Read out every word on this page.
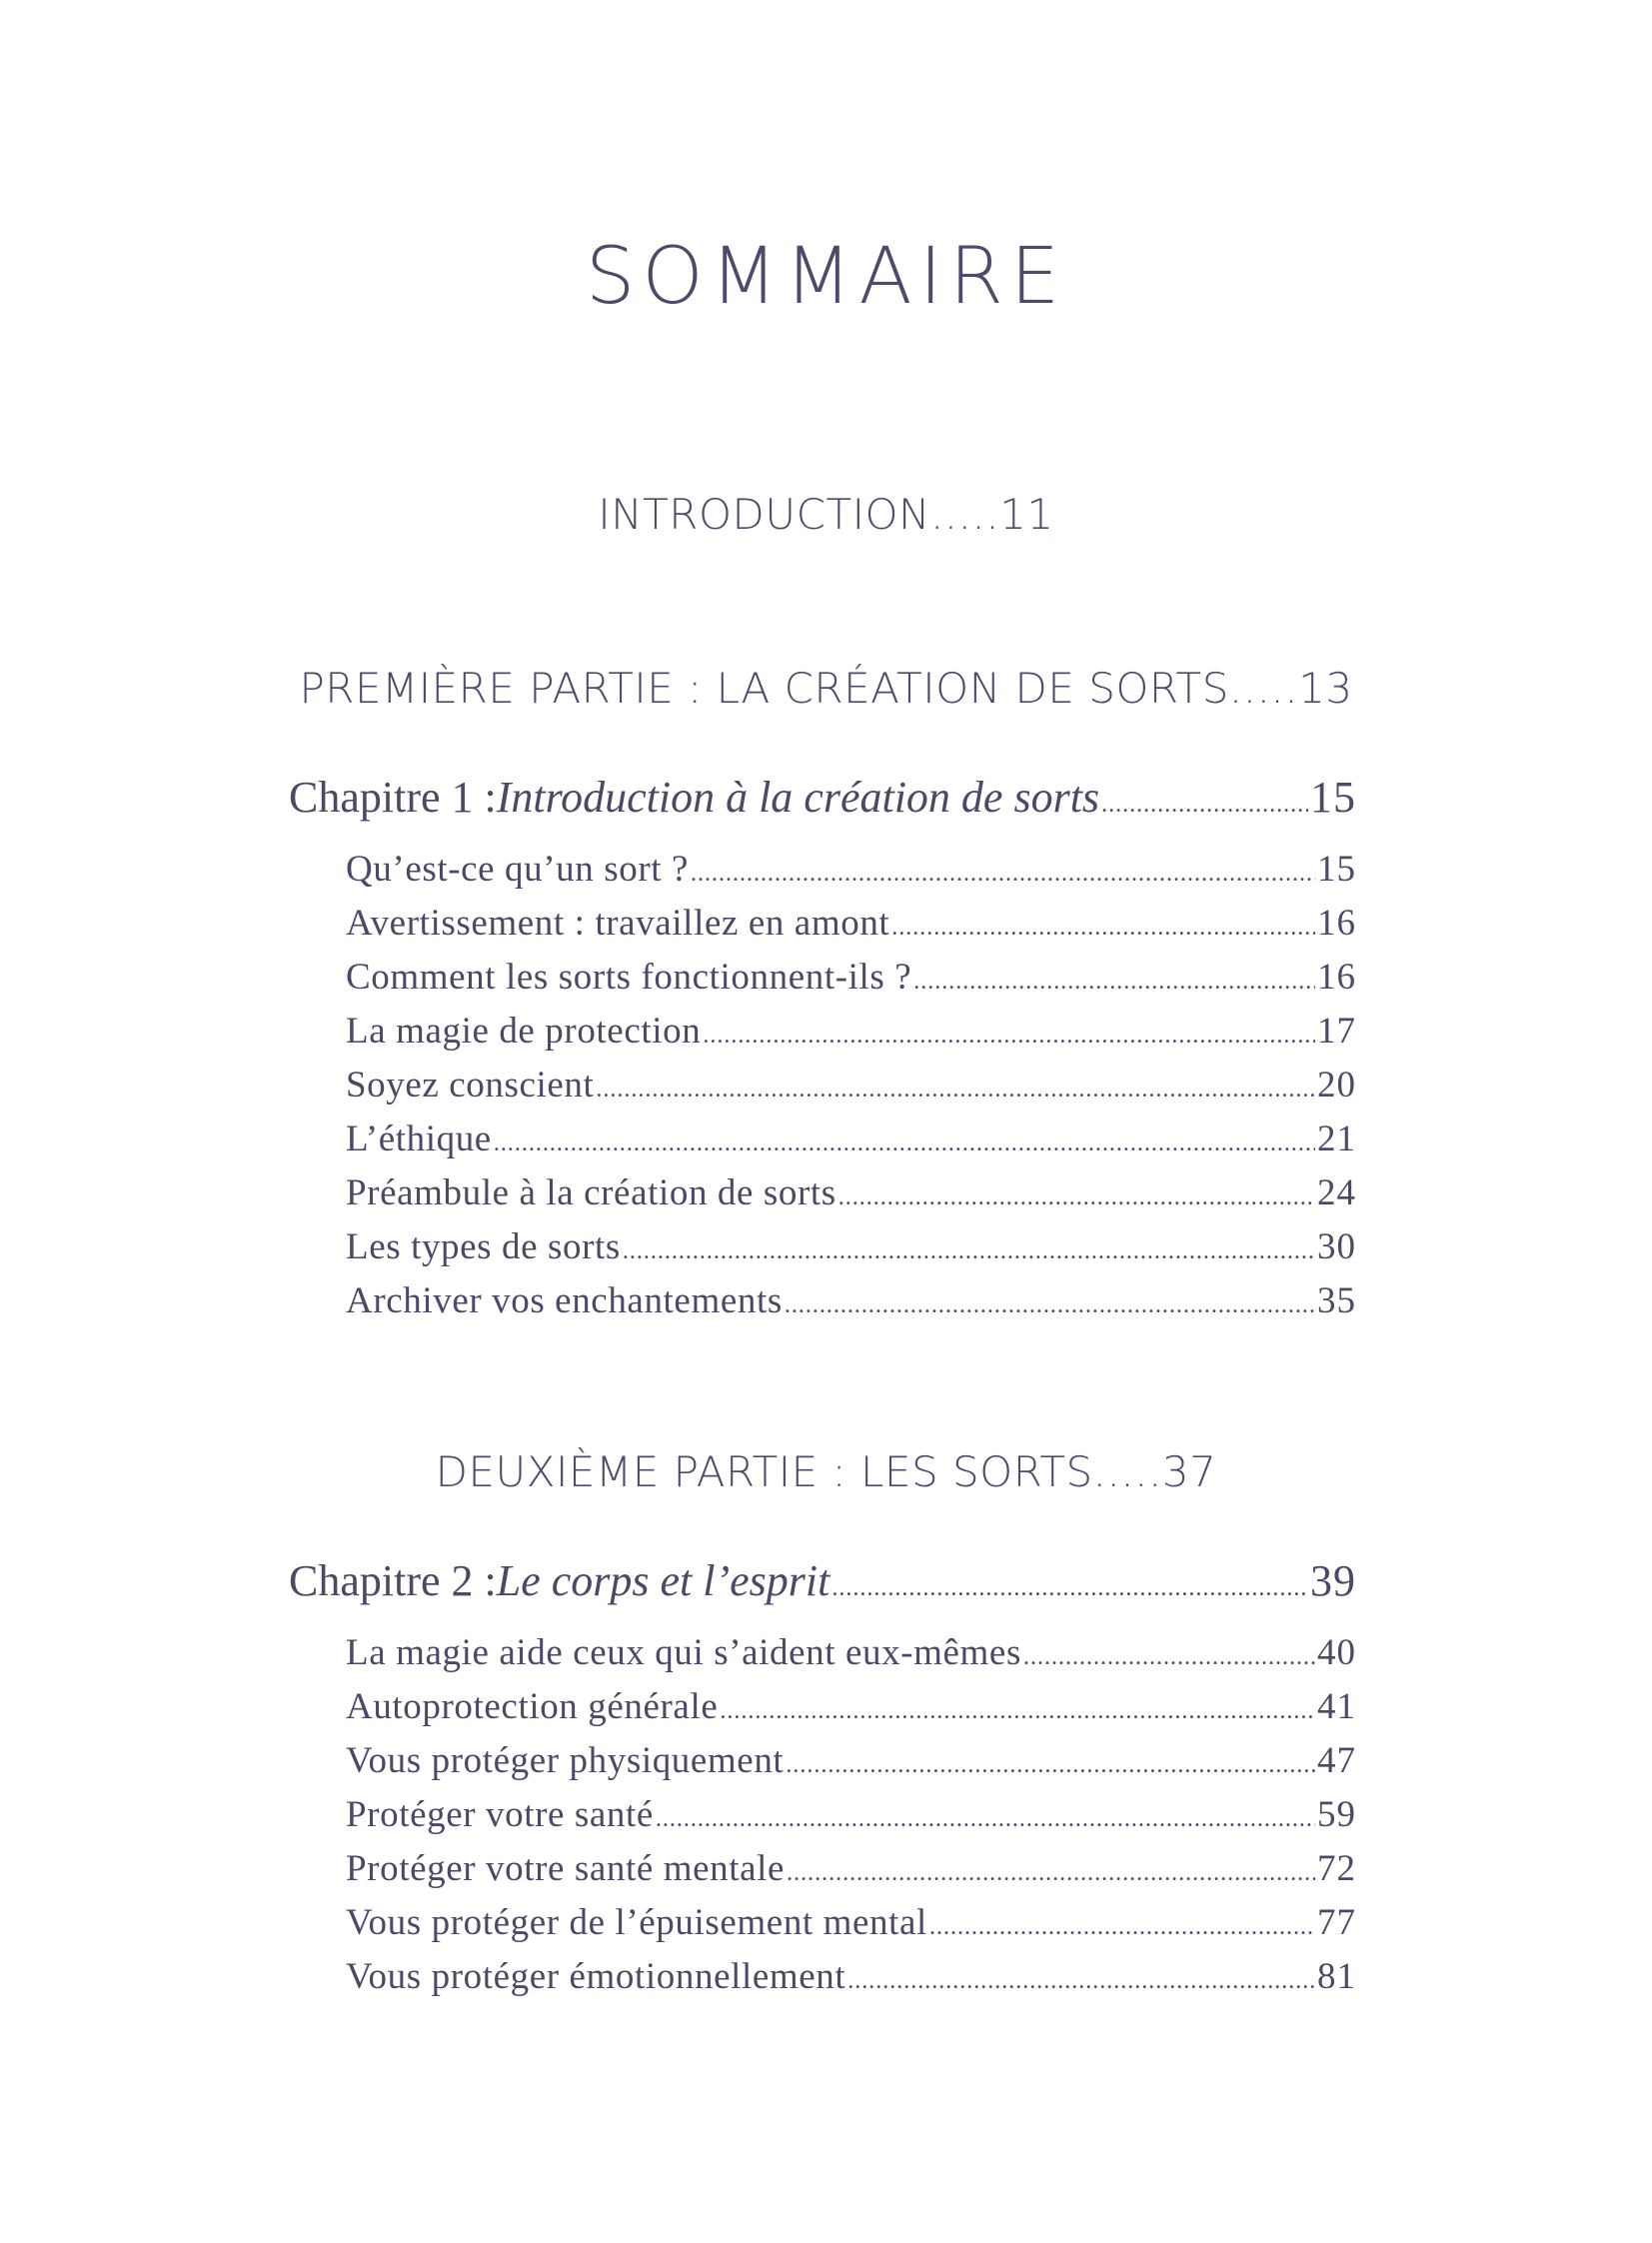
SOMMAIRE
INTRODUCTION.....11
PREMIÈRE PARTIE : LA CRÉATION DE SORTS.....13
DEUXIÈME PARTIE : LES SORTS.....37
Chapitre 1 : Introduction à la création de sorts .....	15
Qu’est-ce qu’un sort ? .....	15
Avertissement : travaillez en amont .....	16
Comment les sorts fonctionnent-ils ? .....	16
La magie de protection .....	17
Soyez conscient .....	20
L’éthique .....	21
Préambule à la création de sorts .....	24
Les types de sorts .....	30
Archiver vos enchantements .....	35
Chapitre 2 : Le corps et l’esprit .....	39
La magie aide ceux qui s’aident eux-mêmes .....	40
Autoprotection générale .....	41
Vous protéger physiquement .....	47
Protéger votre santé .....	59
Protéger votre santé mentale .....	72
Vous protéger de l’épuisement mental .....	77
Vous protéger émotionnellement .....	81
